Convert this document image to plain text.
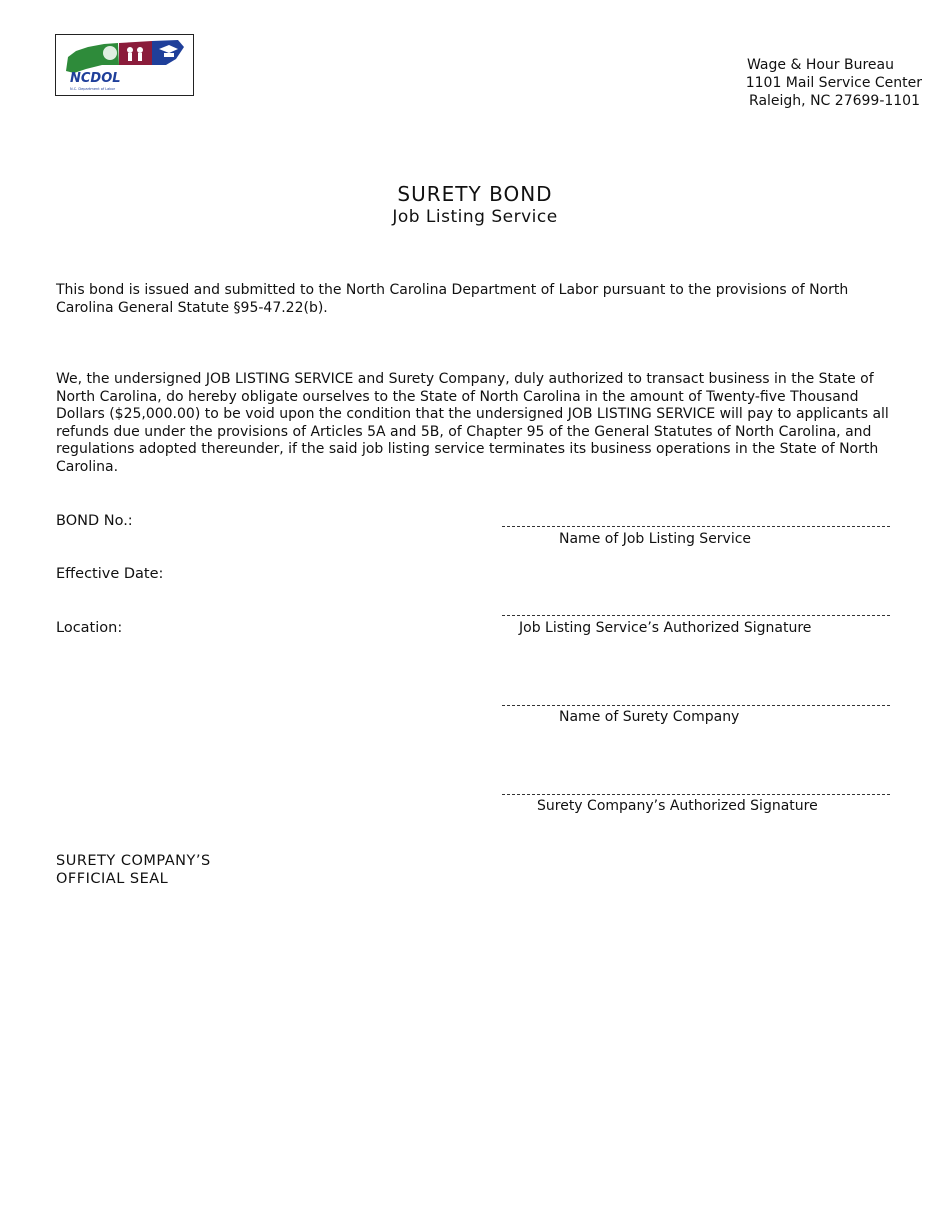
NCDOL
N.C. Department of Labor
Wage & Hour Bureau
1101 Mail Service Center
Raleigh, NC 27699-1101
SURETY BOND
Job Listing Service
This bond is issued and submitted to the North Carolina Department of Labor pursuant to the provisions of North Carolina General Statute §95-47.22(b).
We, the undersigned JOB LISTING SERVICE and Surety Company, duly authorized to transact business in the State of North Carolina, do hereby obligate ourselves to the State of North Carolina in the amount of Twenty-five Thousand Dollars ($25,000.00) to be void upon the condition that the undersigned JOB LISTING SERVICE will pay to applicants all refunds due under the provisions of Articles 5A and 5B, of Chapter 95 of the General Statutes of North Carolina, and regulations adopted thereunder, if the said job listing service terminates its business operations in the State of North Carolina.
BOND No.:
Effective Date:
Location:
Name of Job Listing Service
Job Listing Service’s Authorized Signature
Name of Surety Company
Surety Company’s Authorized Signature
SURETY COMPANY’S
OFFICIAL SEAL
